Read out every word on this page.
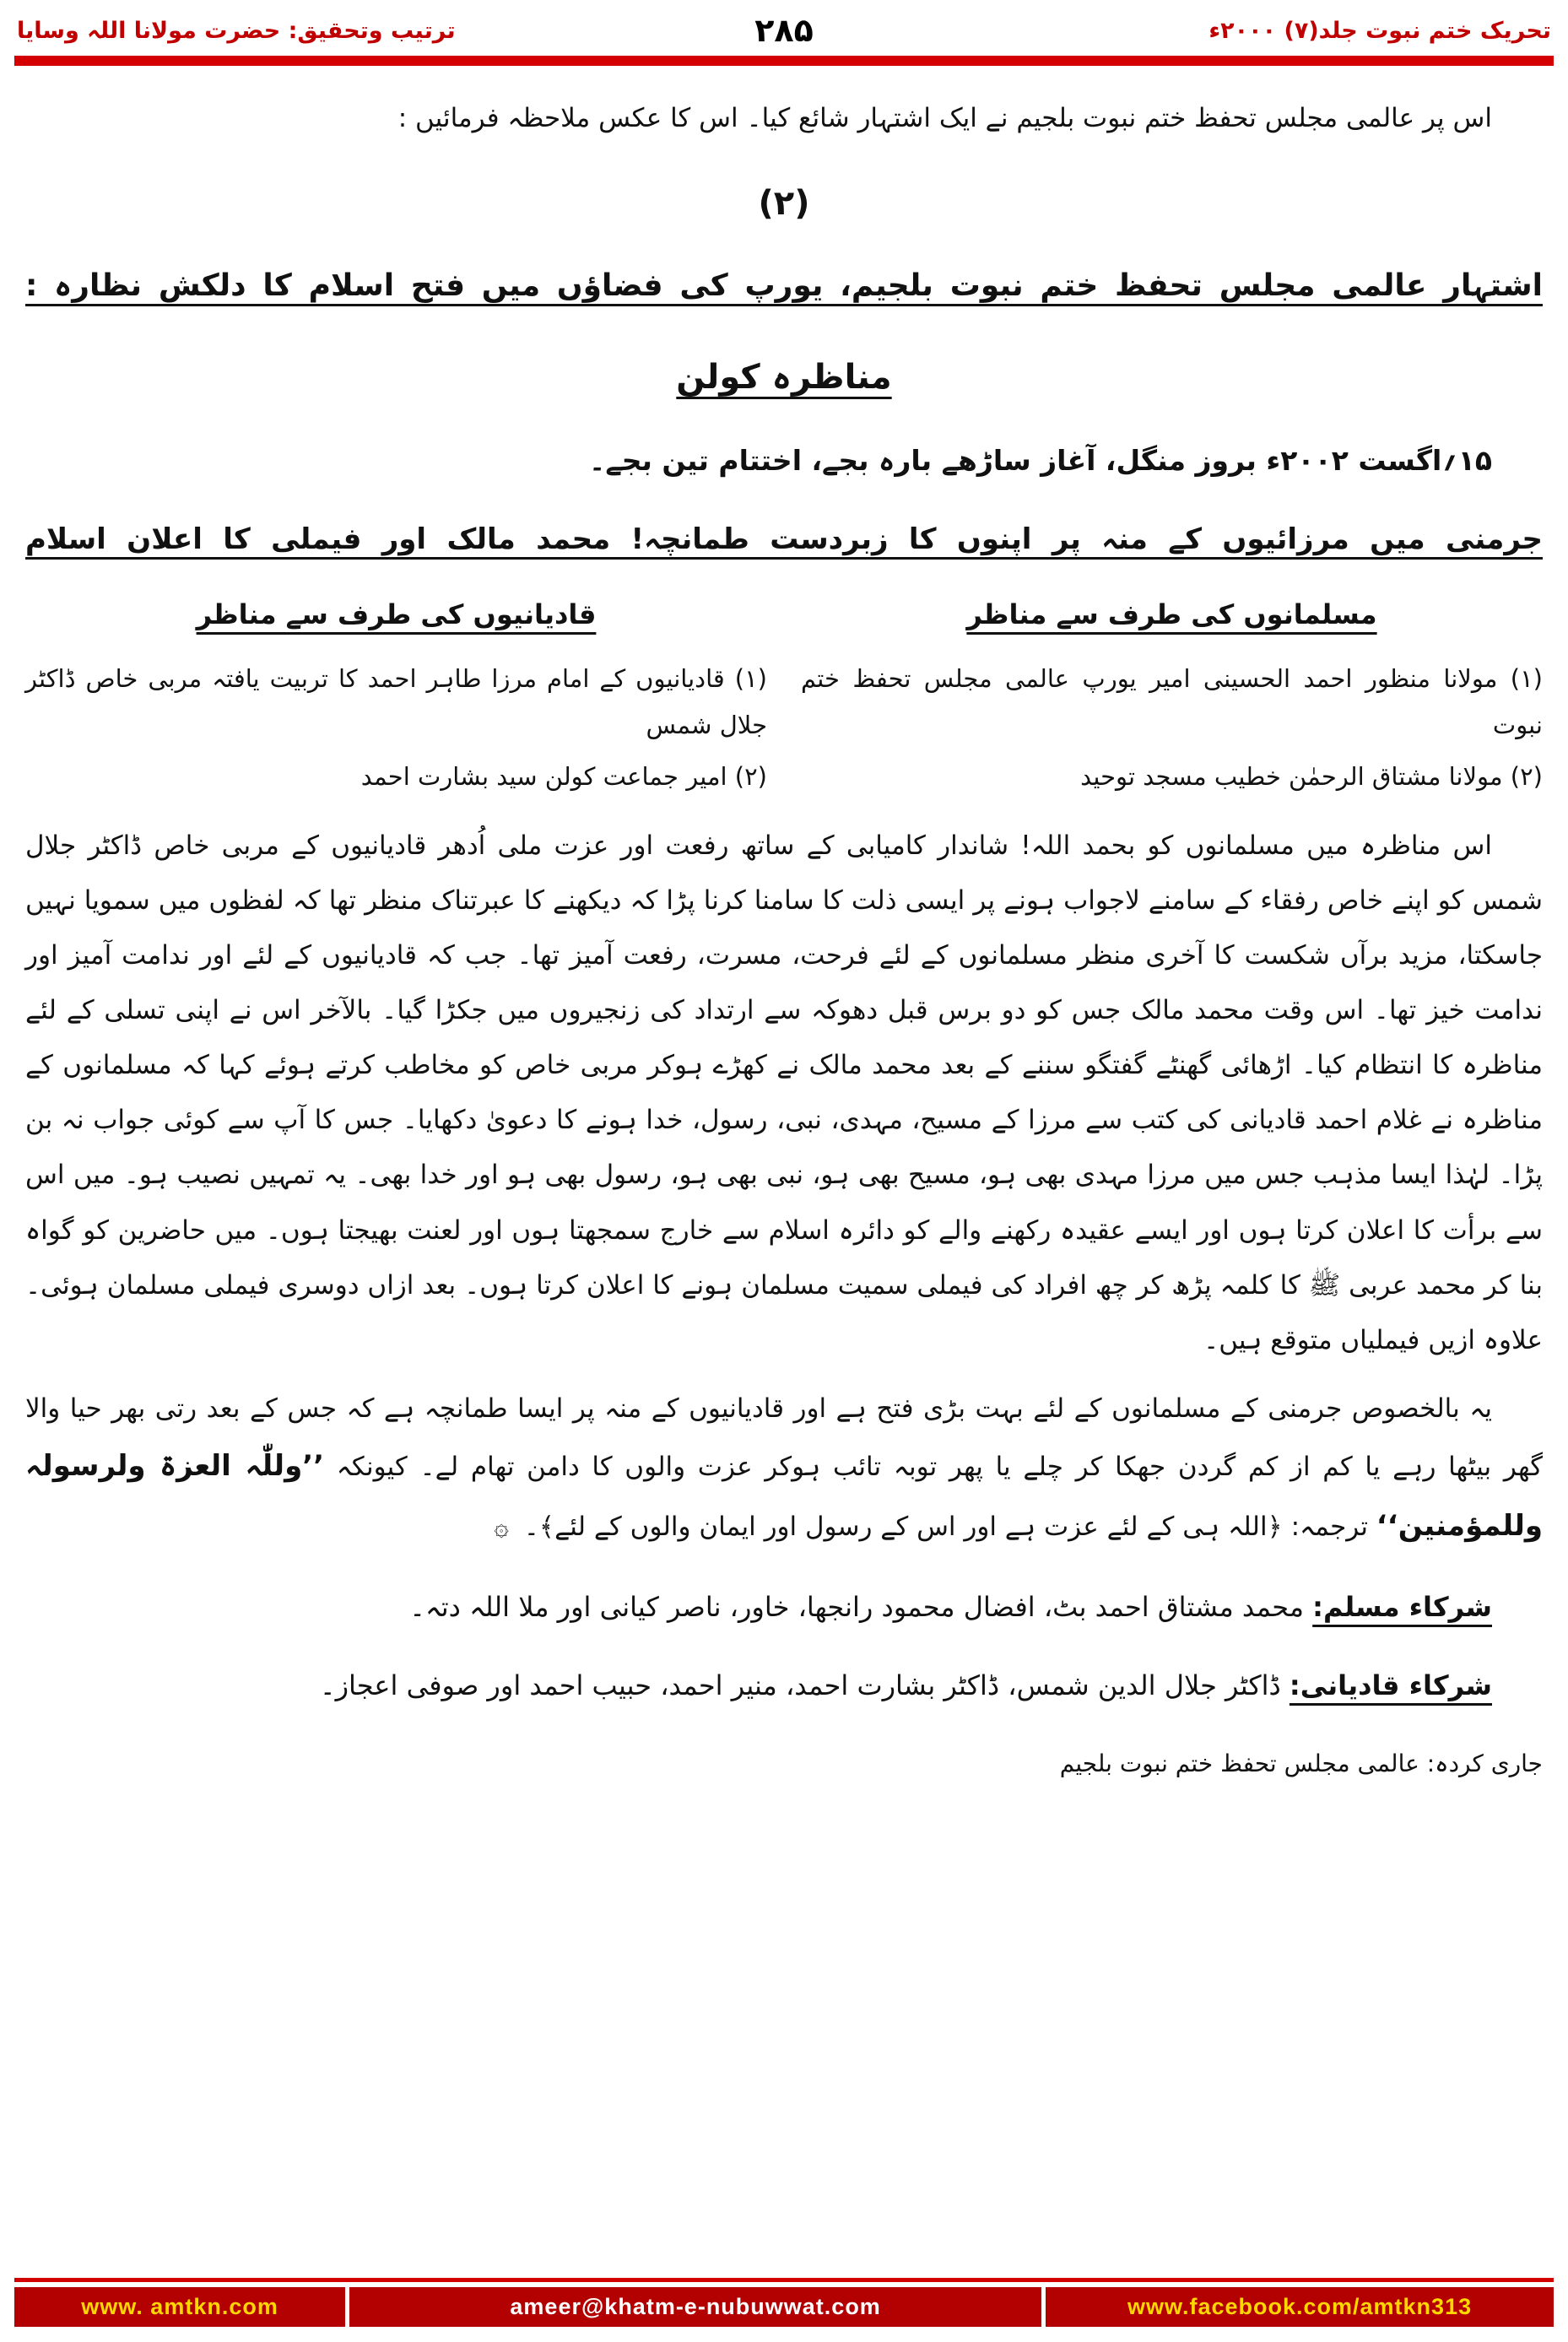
ترتیب وتحقیق: حضرت مولانا اللہ وسایا	۲۸۵	تحریک ختم نبوت جلد(۷) ۲۰۰۰ء

اس پر عالمی مجلس تحفظ ختم نبوت بلجیم نے ایک اشتہار شائع کیا۔ اس کا عکس ملاحظہ فرمائیں :

(۲)
اشتہار عالمی مجلس تحفظ ختم نبوت بلجیم، یورپ کی فضاؤں میں فتح اسلام کا دلکش نظارہ :
مناظرہ کولن

۱۵؍اگست ۲۰۰۲ء بروز منگل، آغاز ساڑھے بارہ بجے، اختتام تین بجے۔

جرمنی میں مرزائیوں کے منہ پر اپنوں کا زبردست طمانچہ! محمد مالک اور فیملی کا اعلان اسلام
مسلمانوں کی طرف سے مناظر
(۱) مولانا منظور احمد الحسینی امیر یورپ عالمی مجلس تحفظ ختم نبوت
(۲) مولانا مشتاق الرحمٰن خطیب مسجد توحید
قادیانیوں کی طرف سے مناظر
(۱) قادیانیوں کے امام مرزا طاہر احمد کا تربیت یافتہ مربی خاص ڈاکٹر جلال شمس
(۲) امیر جماعت کولن سید بشارت احمد

اس مناظرہ میں مسلمانوں کو بحمد اللہ! شاندار کامیابی کے ساتھ رفعت اور عزت ملی اُدھر قادیانیوں کے مربی خاص ڈاکٹر جلال شمس کو اپنے خاص رفقاء کے سامنے لاجواب ہونے پر ایسی ذلت کا سامنا کرنا پڑا کہ دیکھنے کا عبرتناک منظر تھا کہ لفظوں میں سمویا نہیں جاسکتا، مزید برآں شکست کا آخری منظر مسلمانوں کے لئے فرحت، مسرت، رفعت آمیز تھا۔ جب کہ قادیانیوں کے لئے اور ندامت آمیز اور ندامت خیز تھا۔ اس وقت محمد مالک جس کو دو برس قبل دھوکہ سے ارتداد کی زنجیروں میں جکڑا گیا۔ بالآخر اس نے اپنی تسلی کے لئے مناظرہ کا انتظام کیا۔ اڑھائی گھنٹے گفتگو سننے کے بعد محمد مالک نے کھڑے ہوکر مربی خاص کو مخاطب کرتے ہوئے کہا کہ مسلمانوں کے مناظرہ نے غلام احمد قادیانی کی کتب سے مرزا کے مسیح، مہدی، نبی، رسول، خدا ہونے کا دعویٰ دکھایا۔ جس کا آپ سے کوئی جواب نہ بن پڑا۔ لہٰذا ایسا مذہب جس میں مرزا مہدی بھی ہو، مسیح بھی ہو، نبی بھی ہو، رسول بھی ہو اور خدا بھی۔ یہ تمہیں نصیب ہو۔ میں اس سے برأت کا اعلان کرتا ہوں اور ایسے عقیدہ رکھنے والے کو دائرہ اسلام سے خارج سمجھتا ہوں اور لعنت بھیجتا ہوں۔ میں حاضرین کو گواہ بنا کر محمد عربی ﷺ کا کلمہ پڑھ کر چھ افراد کی فیملی سمیت مسلمان ہونے کا اعلان کرتا ہوں۔ بعد ازاں دوسری فیملی مسلمان ہوئی۔ علاوہ ازیں فیملیاں متوقع ہیں۔

یہ بالخصوص جرمنی کے مسلمانوں کے لئے بہت بڑی فتح ہے اور قادیانیوں کے منہ پر ایسا طمانچہ ہے کہ جس کے بعد رتی بھر حیا والا گھر بیٹھا رہے یا کم از کم گردن جھکا کر چلے یا پھر توبہ تائب ہوکر عزت والوں کا دامن تھام لے۔ کیونکہ ’’وللّٰہ العزۃ ولرسولہ وللمؤمنین‘‘ ترجمہ: ﴿اللہ ہی کے لئے عزت ہے اور اس کے رسول اور ایمان والوں کے لئے﴾۔ ۞

شرکاء مسلم: محمد مشتاق احمد بٹ، افضال محمود رانجھا، خاور، ناصر کیانی اور ملا اللہ دتہ۔

شرکاء قادیانی: ڈاکٹر جلال الدین شمس، ڈاکٹر بشارت احمد، منیر احمد، حبیب احمد اور صوفی اعجاز۔

جاری کردہ: عالمی مجلس تحفظ ختم نبوت بلجیم

www. amtkn.com	ameer@khatm-e-nubuwwat.com	www.facebook.com/amtkn313
